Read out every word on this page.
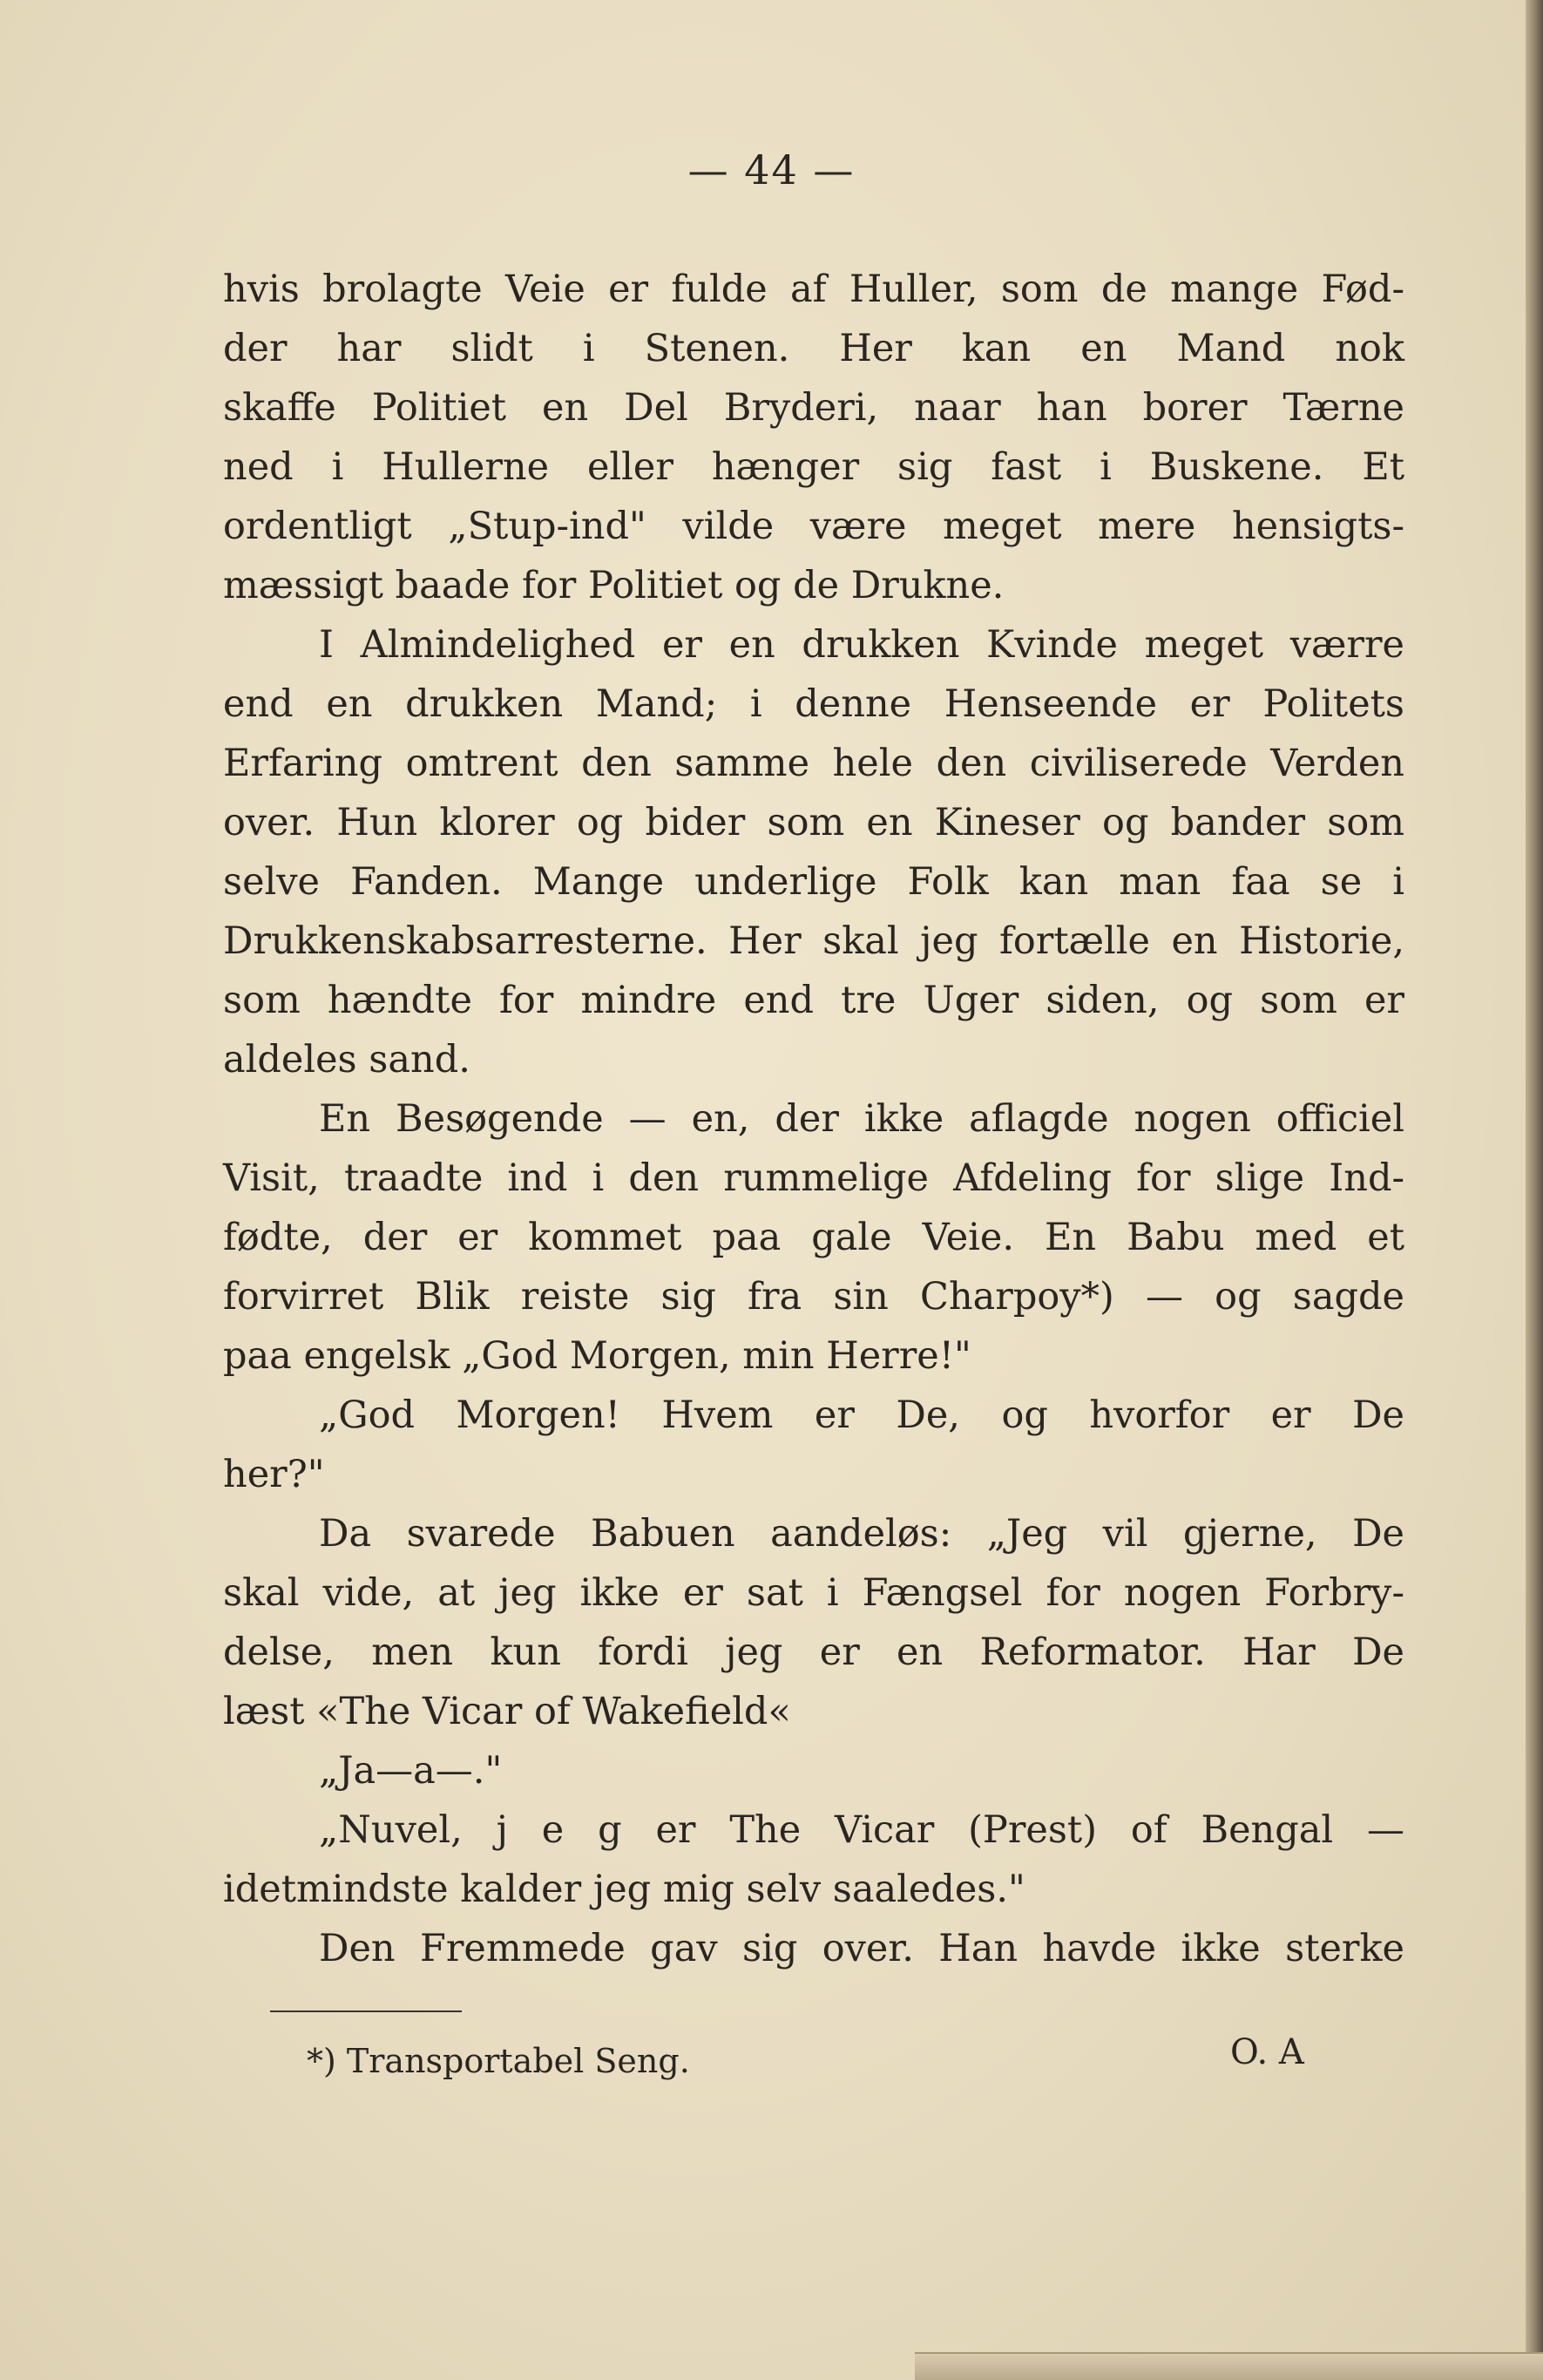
— 44 —
hvis brolagte Veie er fulde af Huller, som de mange Fød-
der har slidt i Stenen. Her kan en Mand nok
skaffe Politiet en Del Bryderi, naar han borer Tærne
ned i Hullerne eller hænger sig fast i Buskene. Et
ordentligt „Stup-ind" vilde være meget mere hensigts-
mæssigt baade for Politiet og de Drukne.
I Almindelighed er en drukken Kvinde meget værre
end en drukken Mand; i denne Henseende er Politets
Erfaring omtrent den samme hele den civiliserede Verden
over. Hun klorer og bider som en Kineser og bander som
selve Fanden. Mange underlige Folk kan man faa se i
Drukkenskabsarresterne. Her skal jeg fortælle en Historie,
som hændte for mindre end tre Uger siden, og som er
aldeles sand.
En Besøgende — en, der ikke aflagde nogen officiel
Visit, traadte ind i den rummelige Afdeling for slige Ind-
fødte, der er kommet paa gale Veie. En Babu med et
forvirret Blik reiste sig fra sin Charpoy*) — og sagde
paa engelsk „God Morgen, min Herre!"
„God Morgen! Hvem er De, og hvorfor er De
her?"
Da svarede Babuen aandeløs: „Jeg vil gjerne, De
skal vide, at jeg ikke er sat i Fængsel for nogen Forbry-
delse, men kun fordi jeg er en Reformator. Har De
læst «The Vicar of Wakefield«
„Ja—a—."
„Nuvel, j e g er The Vicar (Prest) of Bengal —
idetmindste kalder jeg mig selv saaledes."
Den Fremmede gav sig over. Han havde ikke sterke
*) Transportabel Seng.	O. A
